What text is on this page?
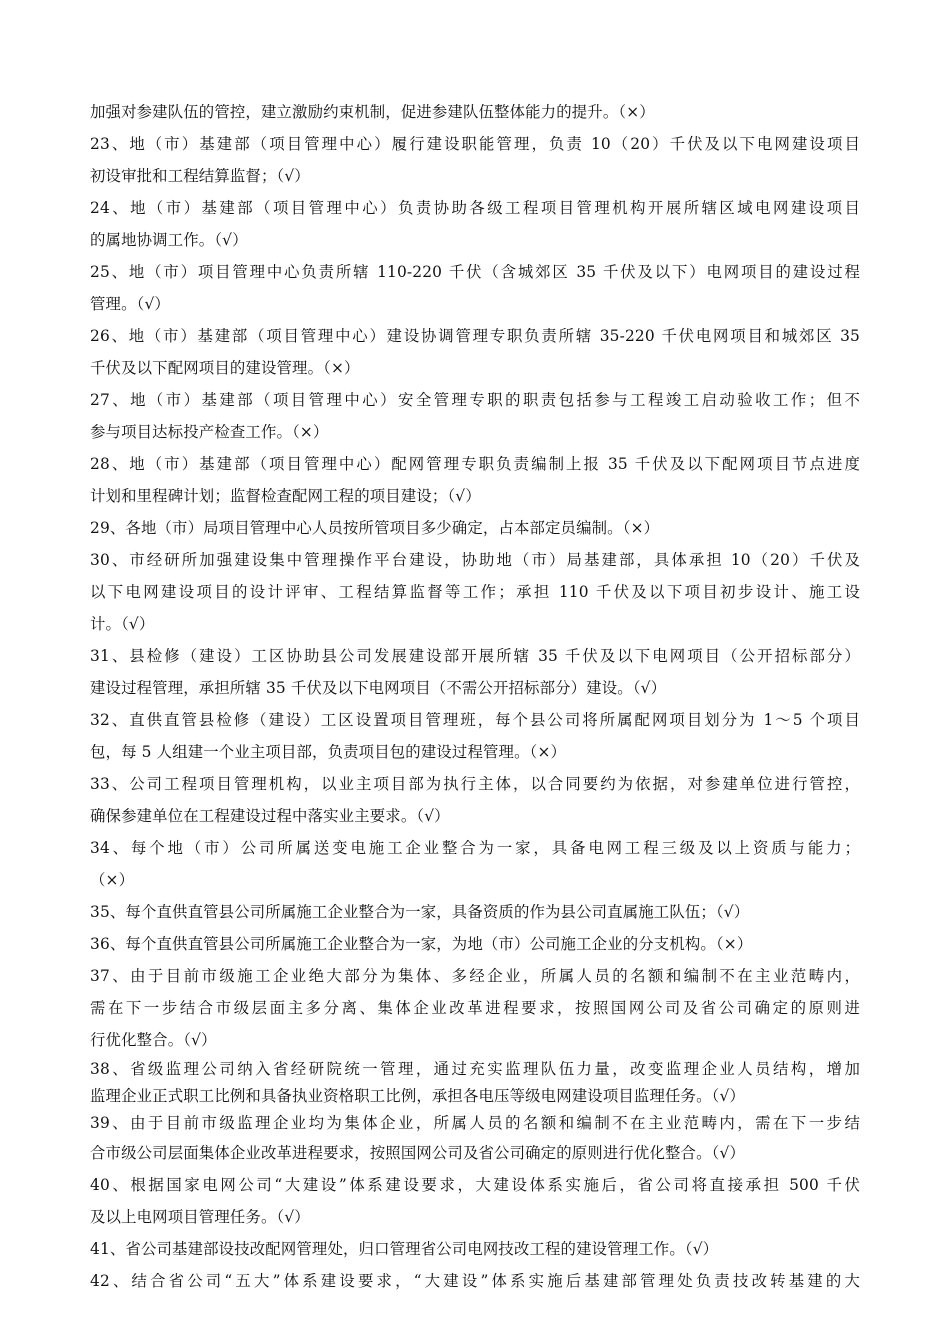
加强对参建队伍的管控，建立激励约束机制，促进参建队伍整体能力的提升。（×）
23、地（市）基建部（项目管理中心）履行建设职能管理，负责 10（20）千伏及以下电网建设项目
初设审批和工程结算监督；（√）
24、地（市）基建部（项目管理中心）负责协助各级工程项目管理机构开展所辖区域电网建设项目
的属地协调工作。（√）
25、地（市）项目管理中心负责所辖 110-220 千伏（含城郊区 35 千伏及以下）电网项目的建设过程
管理。（√）
26、地（市）基建部（项目管理中心）建设协调管理专职负责所辖 35-220 千伏电网项目和城郊区 35
千伏及以下配网项目的建设管理。（×）
27、地（市）基建部（项目管理中心）安全管理专职的职责包括参与工程竣工启动验收工作；但不
参与项目达标投产检查工作。（×）
28、地（市）基建部（项目管理中心）配网管理专职负责编制上报 35 千伏及以下配网项目节点进度
计划和里程碑计划；监督检查配网工程的项目建设；（√）
29、各地（市）局项目管理中心人员按所管项目多少确定，占本部定员编制。（×）
30、市经研所加强建设集中管理操作平台建设，协助地（市）局基建部，具体承担 10（20）千伏及
以下电网建设项目的设计评审、工程结算监督等工作；承担 110 千伏及以下项目初步设计、施工设
计。（√）
31、县检修（建设）工区协助县公司发展建设部开展所辖 35 千伏及以下电网项目（公开招标部分）
建设过程管理，承担所辖 35 千伏及以下电网项目（不需公开招标部分）建设。（√）
32、直供直管县检修（建设）工区设置项目管理班，每个县公司将所属配网项目划分为 1～5 个项目
包，每 5 人组建一个业主项目部，负责项目包的建设过程管理。（×）
33、公司工程项目管理机构，以业主项目部为执行主体，以合同要约为依据，对参建单位进行管控，
确保参建单位在工程建设过程中落实业主要求。（√）
34、每个地（市）公司所属送变电施工企业整合为一家，具备电网工程三级及以上资质与能力；
（×）
35、每个直供直管县公司所属施工企业整合为一家，具备资质的作为县公司直属施工队伍；（√）
36、每个直供直管县公司所属施工企业整合为一家，为地（市）公司施工企业的分支机构。（×）
37、由于目前市级施工企业绝大部分为集体、多经企业，所属人员的名额和编制不在主业范畴内，
需在下一步结合市级层面主多分离、集体企业改革进程要求，按照国网公司及省公司确定的原则进
行优化整合。（√）
38、省级监理公司纳入省经研院统一管理，通过充实监理队伍力量，改变监理企业人员结构，增加
监理企业正式职工比例和具备执业资格职工比例，承担各电压等级电网建设项目监理任务。（√）
39、由于目前市级监理企业均为集体企业，所属人员的名额和编制不在主业范畴内，需在下一步结
合市级公司层面集体企业改革进程要求，按照国网公司及省公司确定的原则进行优化整合。（√）
40、根据国家电网公司“大建设”体系建设要求，大建设体系实施后，省公司将直接承担 500 千伏
及以上电网项目管理任务。（√）
41、省公司基建部设技改配网管理处，归口管理省公司电网技改工程的建设管理工作。（√）
42、结合省公司“五大”体系建设要求，“大建设”体系实施后基建部管理处负责技改转基建的大
